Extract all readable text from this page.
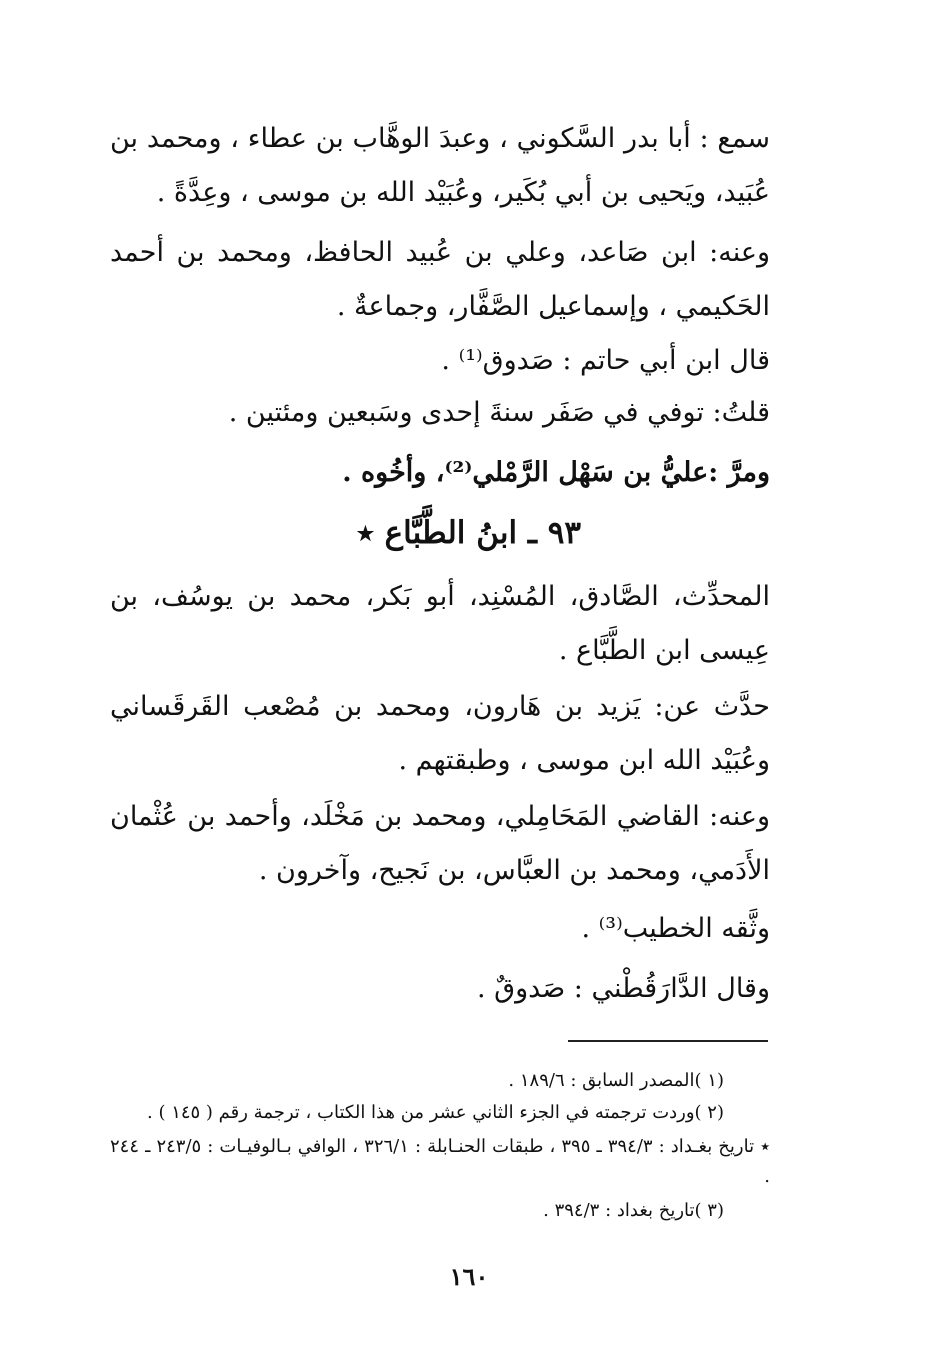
سمع : أبا بدر السَّكوني ، وعبدَ الوهَّاب بن عطاء ، ومحمد بن عُبَيد، ويَحيى بن أبي بُكَير، وعُبَيْد الله بن موسى ، وعِدَّةً .
وعنه: ابن صَاعد، وعلي بن عُبيد الحافظ، ومحمد بن أحمد الحَكيمي ، وإسماعيل الصَّفَّار، وجماعةٌ .
قال ابن أبي حاتم : صَدوق⁽¹⁾ .
قلتُ: توفي في صَفَر سنةَ إحدى وسَبعين ومئتين .
ومرَّ :عليُّ بن سَهْل الرَّمْلي⁽²⁾، وأخُوه .
٩٣ ـ ابنُ الطَّبَّاع ٭
المحدِّث، الصَّادق، المُسْنِد، أبو بَكر، محمد بن يوسُف، بن عِيسى ابن الطَّبَّاع .
حدَّث عن: يَزيد بن هَارون، ومحمد بن مُصْعب القَرقَساني وعُبَيْد الله ابن موسى ، وطبقتهم .
وعنه: القاضي المَحَامِلي، ومحمد بن مَخْلَد، وأحمد بن عُثْمان الأَدَمي، ومحمد بن العبَّاس، بن نَجيح، وآخرون .
وثَّقه الخطيب⁽³⁾ .
وقال الدَّارَقُطْني : صَدوقٌ .
(١ )المصدر السابق : ١٨٩/٦ .
(٢ )وردت ترجمته في الجزء الثاني عشر من هذا الكتاب ، ترجمة رقم ( ١٤٥ ) .
٭ تاريخ بغـداد : ٣٩٤/٣ ـ ٣٩٥ ، طبقات الحنـابلة : ٣٢٦/١ ، الوافي بـالوفيـات : ٢٤٣/٥ ـ ٢٤٤ .
(٣ )تاريخ بغداد : ٣٩٤/٣ .
١٦٠
